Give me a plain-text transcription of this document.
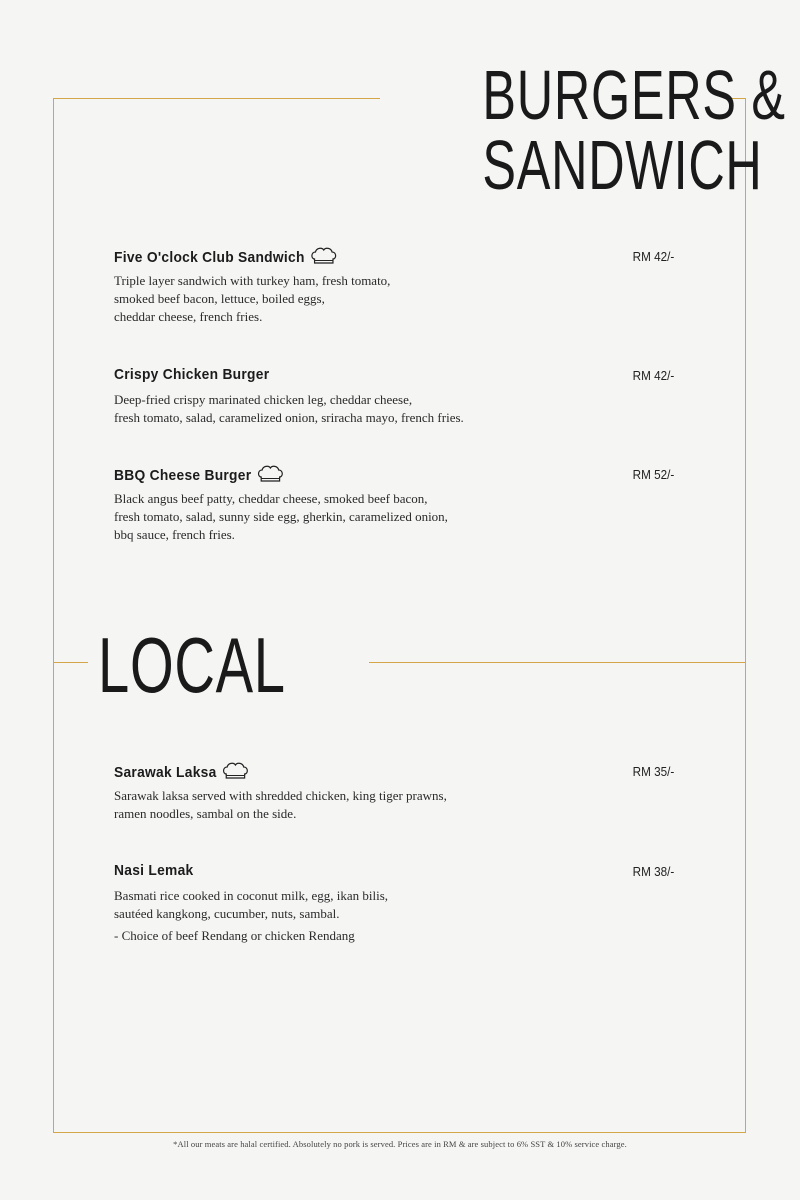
BURGERS &
SANDWICH
Five O'clock Club Sandwich	RM 42/-
Triple layer sandwich with turkey ham, fresh tomato,
smoked beef bacon, lettuce, boiled eggs,
cheddar cheese, french fries.
Crispy Chicken Burger	RM 42/-
Deep-fried crispy marinated chicken leg, cheddar cheese,
fresh tomato, salad, caramelized onion, sriracha mayo, french fries.
BBQ Cheese Burger	RM 52/-
Black angus beef patty, cheddar cheese, smoked beef bacon,
fresh tomato, salad, sunny side egg, gherkin, caramelized onion,
bbq sauce, french fries.
LOCAL
Sarawak Laksa	RM 35/-
Sarawak laksa served with shredded chicken, king tiger prawns,
ramen noodles, sambal on the side.
Nasi Lemak	RM 38/-
Basmati rice cooked in coconut milk, egg, ikan bilis,
sautéed kangkong, cucumber, nuts, sambal.
- Choice of beef Rendang or chicken Rendang
*All our meats are halal certified. Absolutely no pork is served. Prices are in RM & are subject to 6% SST & 10% service charge.
